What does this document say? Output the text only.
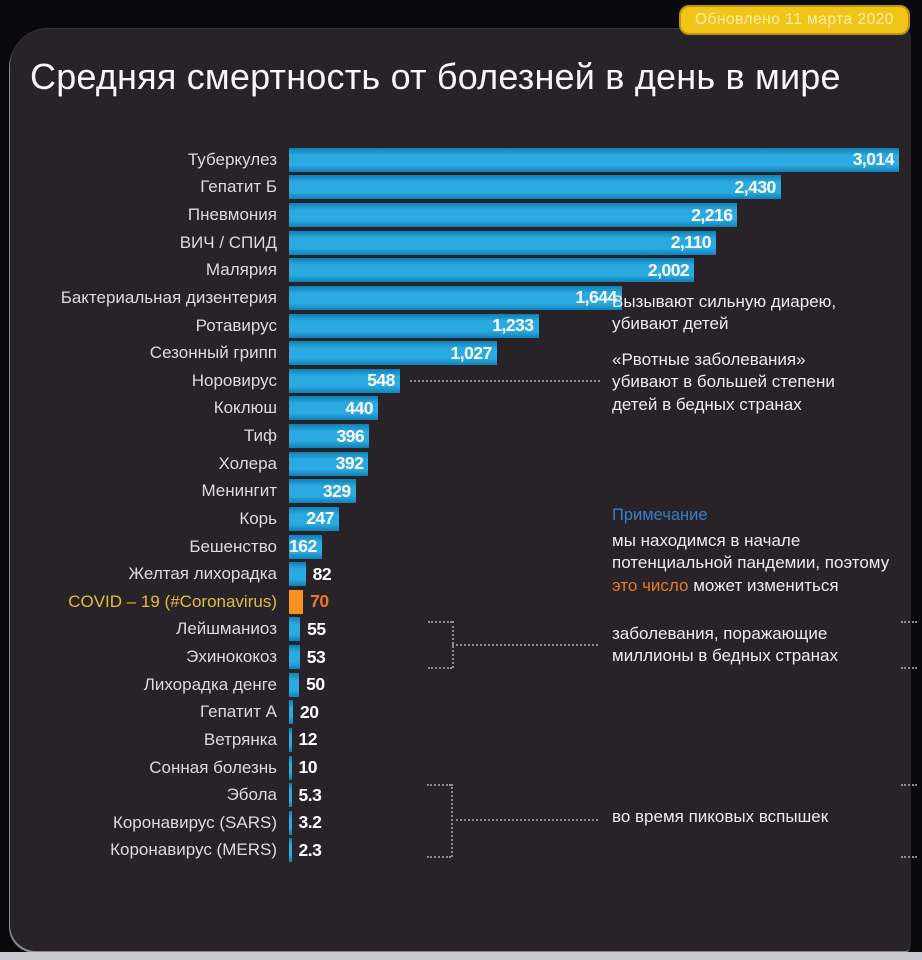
Обновлено 11 марта 2020
Средняя смертность от болезней в день в мире
Туберкулез	3,014
Гепатит Б	2,430
Пневмония	2,216
ВИЧ / СПИД	2,110
Малярия	2,002
Бактериальная дизентерия	1,644
Ротавирус	1,233
Сезонный грипп	1,027
Норовирус	548
Коклюш	440
Тиф	396
Холера	392
Менингит	329
Корь	247
Бешенство 162
Желтая лихорадка	82
COVID – 19 (#Coronavirus)	70
Лейшманиоз	55
Эхинококоз	53
Лихорадка денге	50
Гепатит А	20
Ветрянка	12
Сонная болезнь	10
Эбола	5.3
Коронавирус (SARS)	3.2
Коронавирус (MERS)	2.3
Вызывают сильную диарею, убивают детей
«Рвотные заболевания» убивают в большей степени детей в бедных странах
Примечание
мы находимся в начале потенциальной пандемии, поэтому это число может измениться
заболевания, поражающие миллионы в бедных странах
во время пиковых вспышек
